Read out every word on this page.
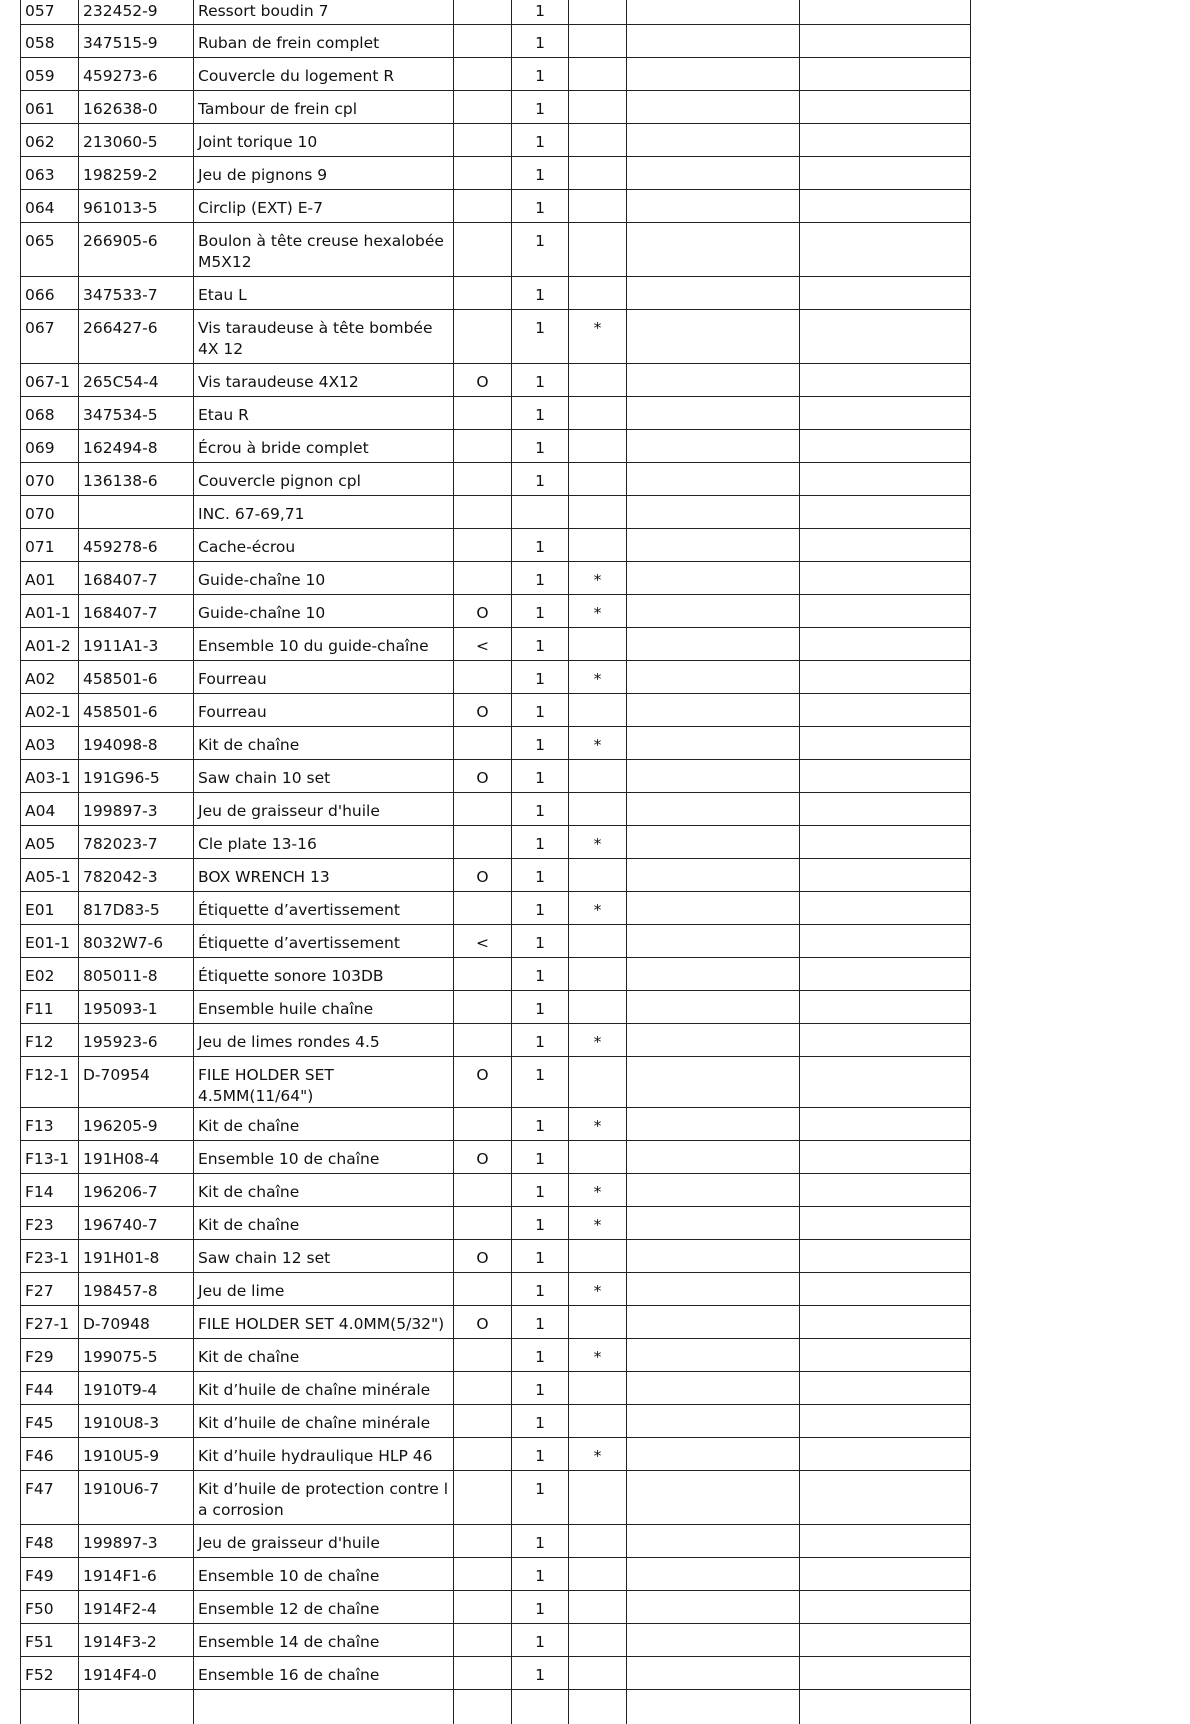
057	232452-9	Ressort boudin 7		1			
058	347515-9	Ruban de frein complet		1			
059	459273-6	Couvercle du logement R		1			
061	162638-0	Tambour de frein cpl		1			
062	213060-5	Joint torique 10		1			
063	198259-2	Jeu de pignons 9		1			
064	961013-5	Circlip (EXT) E-7		1			
065	266905-6	Boulon à tête creuse hexalobée M5X12		1			
066	347533-7	Etau L		1			
067	266427-6	Vis taraudeuse à tête bombée 4X 12		1	*		
067-1	265C54-4	Vis taraudeuse 4X12	O	1			
068	347534-5	Etau R		1			
069	162494-8	Écrou à bride complet		1			
070	136138-6	Couvercle pignon cpl		1			
070		INC. 67-69,71					
071	459278-6	Cache-écrou		1			
A01	168407-7	Guide-chaîne 10		1	*		
A01-1	168407-7	Guide-chaîne 10	O	1	*		
A01-2	1911A1-3	Ensemble 10 du guide-chaîne	<	1			
A02	458501-6	Fourreau		1	*		
A02-1	458501-6	Fourreau	O	1			
A03	194098-8	Kit de chaîne		1	*		
A03-1	191G96-5	Saw chain 10 set	O	1			
A04	199897-3	Jeu de graisseur d'huile		1			
A05	782023-7	Cle plate 13-16		1	*		
A05-1	782042-3	BOX WRENCH 13	O	1			
E01	817D83-5	Étiquette d’avertissement		1	*		
E01-1	8032W7-6	Étiquette d’avertissement	<	1			
E02	805011-8	Étiquette sonore 103DB		1			
F11	195093-1	Ensemble huile chaîne		1			
F12	195923-6	Jeu de limes rondes 4.5		1	*		
F12-1	D-70954	FILE HOLDER SET 4.5MM(11/64")	O	1			
F13	196205-9	Kit de chaîne		1	*		
F13-1	191H08-4	Ensemble 10 de chaîne	O	1			
F14	196206-7	Kit de chaîne		1	*		
F23	196740-7	Kit de chaîne		1	*		
F23-1	191H01-8	Saw chain 12 set	O	1			
F27	198457-8	Jeu de lime		1	*		
F27-1	D-70948	FILE HOLDER SET 4.0MM(5/32")	O	1			
F29	199075-5	Kit de chaîne		1	*		
F44	1910T9-4	Kit d’huile de chaîne minérale		1			
F45	1910U8-3	Kit d’huile de chaîne minérale		1			
F46	1910U5-9	Kit d’huile hydraulique HLP 46		1	*		
F47	1910U6-7	Kit d’huile de protection contre l a corrosion		1			
F48	199897-3	Jeu de graisseur d'huile		1			
F49	1914F1-6	Ensemble 10 de chaîne		1			
F50	1914F2-4	Ensemble 12 de chaîne		1			
F51	1914F3-2	Ensemble 14 de chaîne		1			
F52	1914F4-0	Ensemble 16 de chaîne		1			
